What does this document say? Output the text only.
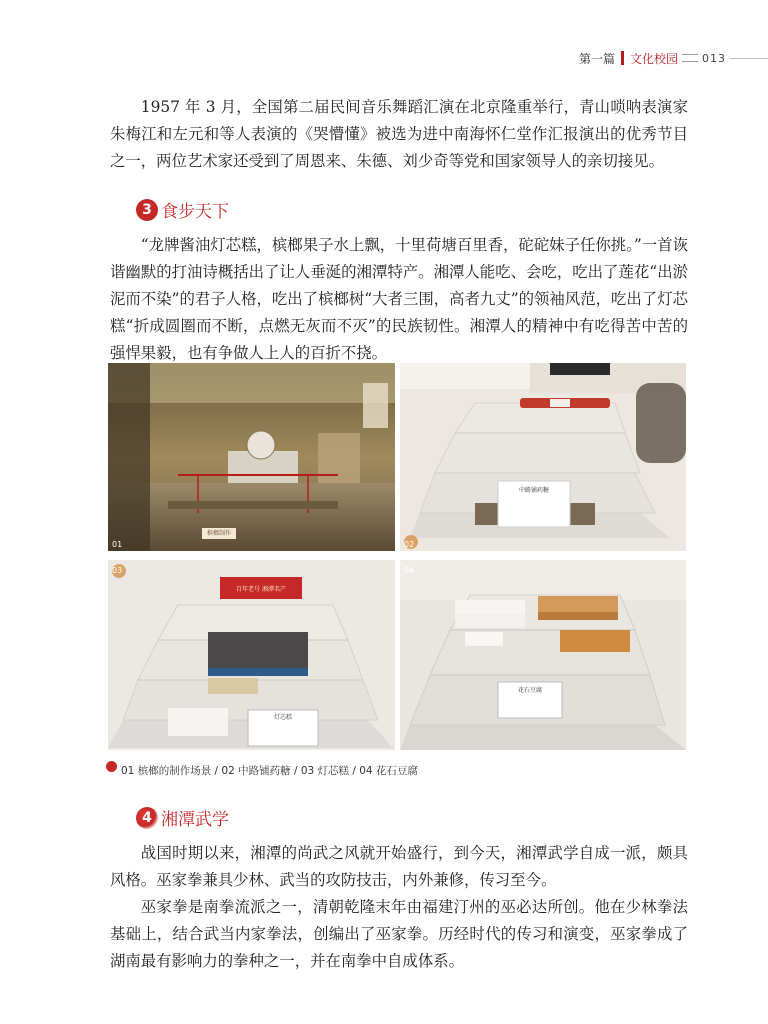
第一篇 文化校园 013

1957 年 3 月，全国第二届民间音乐舞蹈汇演在北京隆重举行，青山唢呐表演家朱梅江和左元和等人表演的《哭懵懂》被选为进中南海怀仁堂作汇报演出的优秀节目之一，两位艺术家还受到了周恩来、朱德、刘少奇等党和国家领导人的亲切接见。

3 食步天下

“龙牌酱油灯芯糕，槟榔果子水上飘，十里荷塘百里香，砣砣妹子任你挑。”一首诙谐幽默的打油诗概括出了让人垂涎的湘潭特产。湘潭人能吃、会吃，吃出了莲花“出淤泥而不染”的君子人格，吃出了槟榔树“大者三围，高者九丈”的领袖风范，吃出了灯芯糕“折成圆圈而不断，点燃无灰而不灭”的民族韧性。湘潭人的精神中有吃得苦中苦的强悍果毅，也有争做人上人的百折不挠。

01
槟榔制作
02
中路铺药糖
百年老号 湘潭名产
03
灯芯糕
04
花石豆腐
01 槟榔的制作场景 / 02 中路铺药糖 / 03 灯芯糕 / 04 花石豆腐
4 湘潭武学

战国时期以来，湘潭的尚武之风就开始盛行，到今天，湘潭武学自成一派，颇具风格。巫家拳兼具少林、武当的攻防技击，内外兼修，传习至今。

巫家拳是南拳流派之一，清朝乾隆末年由福建汀州的巫必达所创。他在少林拳法基础上，结合武当内家拳法，创编出了巫家拳。历经时代的传习和演变，巫家拳成了湖南最有影响力的拳种之一，并在南拳中自成体系。
